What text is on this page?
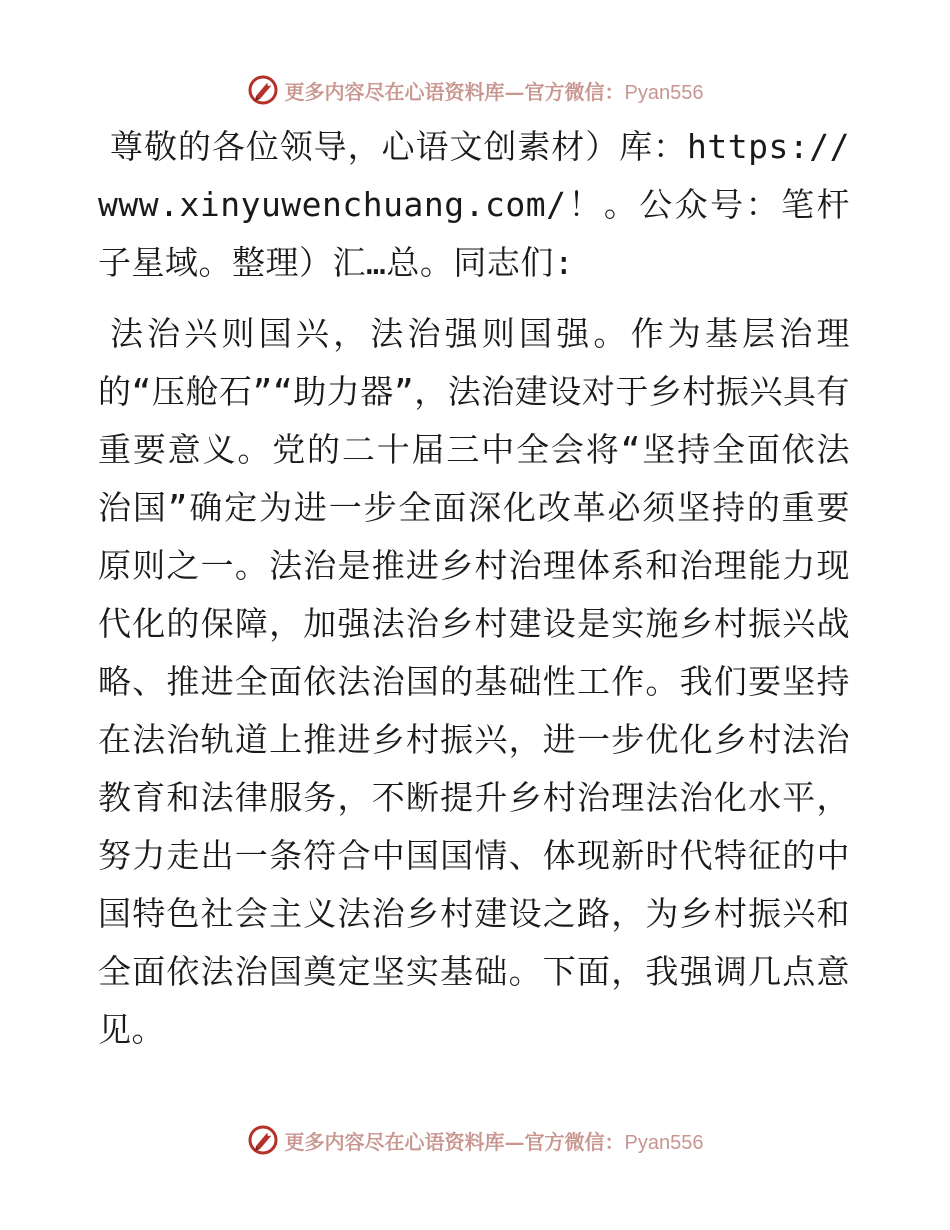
更多内容尽在心语资料库—官方微信：Pyan556

尊敬的各位领导，心语文创素材）库：https://www.xinyuwenchuang.com/！。公众号：笔杆子星域。整理）汇…总。同志们:

法治兴则国兴，法治强则国强。作为基层治理的“压舱石”“助力器”，法治建设对于乡村振兴具有重要意义。党的二十届三中全会将“坚持全面依法治国”确定为进一步全面深化改革必须坚持的重要原则之一。法治是推进乡村治理体系和治理能力现代化的保障，加强法治乡村建设是实施乡村振兴战略、推进全面依法治国的基础性工作。我们要坚持在法治轨道上推进乡村振兴，进一步优化乡村法治教育和法律服务，不断提升乡村治理法治化水平，努力走出一条符合中国国情、体现新时代特征的中国特色社会主义法治乡村建设之路，为乡村振兴和全面依法治国奠定坚实基础。下面，我强调几点意见。

更多内容尽在心语资料库—官方微信：Pyan556
